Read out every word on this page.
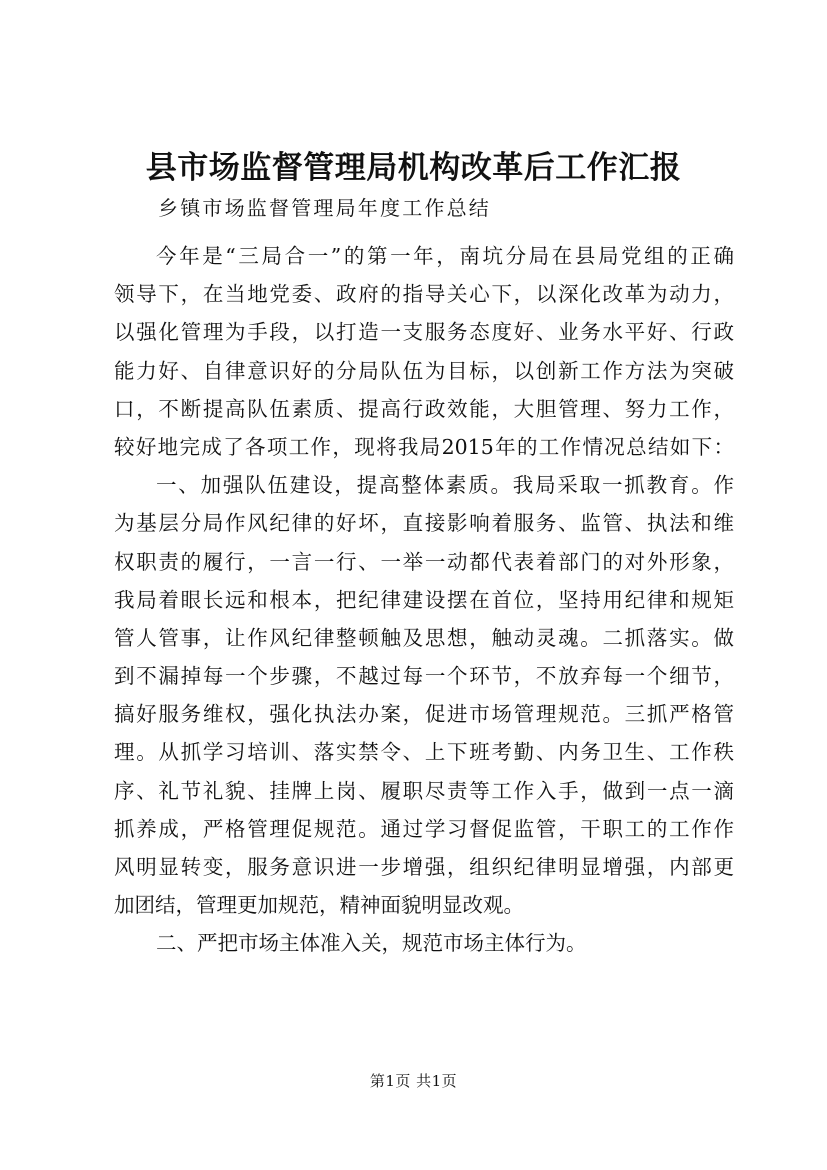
县市场监督管理局机构改革后工作汇报

乡镇市场监督管理局年度工作总结

今年是“三局合一”的第一年，南坑分局在县局党组的正确
领导下，在当地党委、政府的指导关心下，以深化改革为动力，
以强化管理为手段，以打造一支服务态度好、业务水平好、行政
能力好、自律意识好的分局队伍为目标，以创新工作方法为突破
口，不断提高队伍素质、提高行政效能，大胆管理、努力工作，
较好地完成了各项工作，现将我局2015年的工作情况总结如下：
一、加强队伍建设，提高整体素质。我局采取一抓教育。作
为基层分局作风纪律的好坏，直接影响着服务、监管、执法和维
权职责的履行，一言一行、一举一动都代表着部门的对外形象，
我局着眼长远和根本，把纪律建设摆在首位，坚持用纪律和规矩
管人管事，让作风纪律整顿触及思想，触动灵魂。二抓落实。做
到不漏掉每一个步骤，不越过每一个环节，不放弃每一个细节，
搞好服务维权，强化执法办案，促进市场管理规范。三抓严格管
理。从抓学习培训、落实禁令、上下班考勤、内务卫生、工作秩
序、礼节礼貌、挂牌上岗、履职尽责等工作入手，做到一点一滴
抓养成，严格管理促规范。通过学习督促监管，干职工的工作作
风明显转变，服务意识进一步增强，组织纪律明显增强，内部更
加团结，管理更加规范，精神面貌明显改观。
二、严把市场主体准入关，规范市场主体行为。
第1页 共1页
